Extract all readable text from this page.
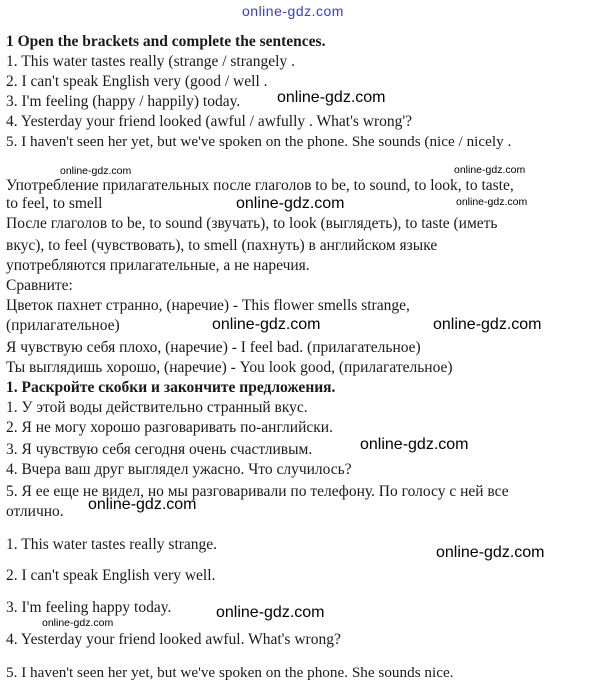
online-gdz.com
1 Open the brackets and complete the sentences.
1. This water tastes really (strange / strangely .
2. I can't speak English very (good / well .
3. I'm feeling (happy / happily) today.
4. Yesterday your friend looked (awful / awfully . What's wrong'?
5. I haven't seen her yet, but we've spoken on the phone. She sounds (nice / nicely .
Употребление прилагательных после глаголов to be, to sound, to look, to taste,
to feel, to smell
После глаголов to be, to sound (звучать), to look (выглядеть), to taste (иметь
вкус), to feel (чувствовать), to smell (пахнуть) в английском языке
употребляются прилагательные, а не наречия.
Сравните:
Цветок пахнет странно, (наречие) - This flower smells strange,
(прилагательное)
Я чувствую себя плохо, (наречие) - I feel bad. (прилагательное)
Ты выглядишь хорошо, (наречие) - You look good, (прилагательное)
1. Раскройте скобки и закончите предложения.
1. У этой воды действительно странный вкус.
2. Я не могу хорошо разговаривать по-английски.
3. Я чувствую себя сегодня очень счастливым.
4. Вчера ваш друг выглядел ужасно. Что случилось?
5. Я ее еще не видел, но мы разговаривали по телефону. По голосу с ней все
отлично.
1. This water tastes really strange.
2. I can't speak English very well.
3. I'm feeling happy today.
4. Yesterday your friend looked awful. What's wrong?
5. I haven't seen her yet, but we've spoken on the phone. She sounds nice.
online-gdz.com
online-gdz.com	online-gdz.com
online-gdz.com	online-gdz.com
online-gdz.com	online-gdz.com
online-gdz.com
online-gdz.com
online-gdz.com
online-gdz.com
online-gdz.com
